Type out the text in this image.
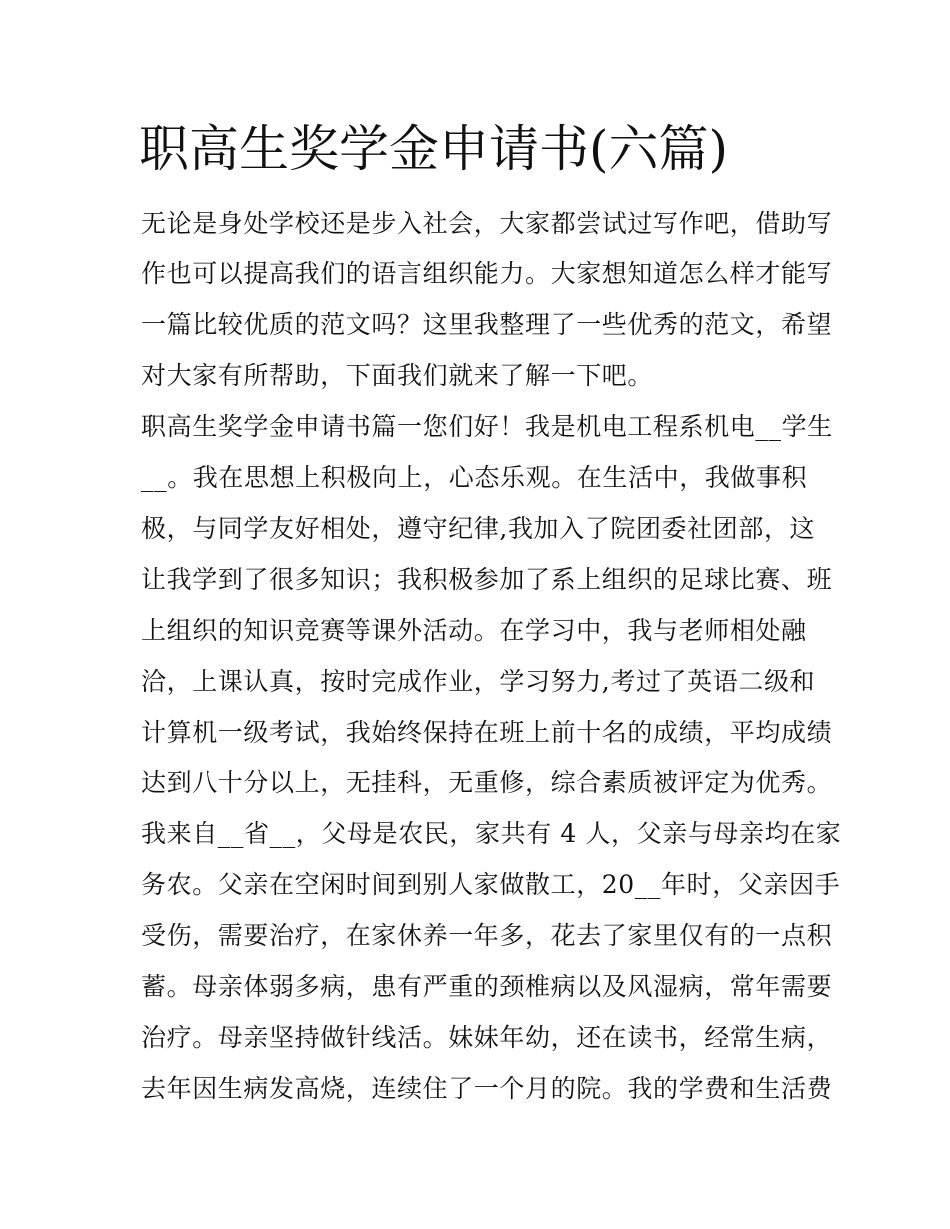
职高生奖学金申请书(六篇)

无论是身处学校还是步入社会，大家都尝试过写作吧，借助写

作也可以提高我们的语言组织能力。大家想知道怎么样才能写

一篇比较优质的范文吗？这里我整理了一些优秀的范文，希望

对大家有所帮助，下面我们就来了解一下吧。

职高生奖学金申请书篇一您们好！我是机电工程系机电__学生

__。我在思想上积极向上，心态乐观。在生活中，我做事积

极，与同学友好相处，遵守纪律,我加入了院团委社团部，这

让我学到了很多知识；我积极参加了系上组织的足球比赛、班

上组织的知识竞赛等课外活动。在学习中，我与老师相处融

洽，上课认真，按时完成作业，学习努力,考过了英语二级和

计算机一级考试，我始终保持在班上前十名的成绩，平均成绩

达到八十分以上，无挂科，无重修，综合素质被评定为优秀。

我来自__省__，父母是农民，家共有 4 人，父亲与母亲均在家

务农。父亲在空闲时间到别人家做散工，20__年时，父亲因手

受伤，需要治疗，在家休养一年多，花去了家里仅有的一点积

蓄。母亲体弱多病，患有严重的颈椎病以及风湿病，常年需要

治疗。母亲坚持做针线活。妹妹年幼，还在读书，经常生病，

去年因生病发高烧，连续住了一个月的院。我的学费和生活费
